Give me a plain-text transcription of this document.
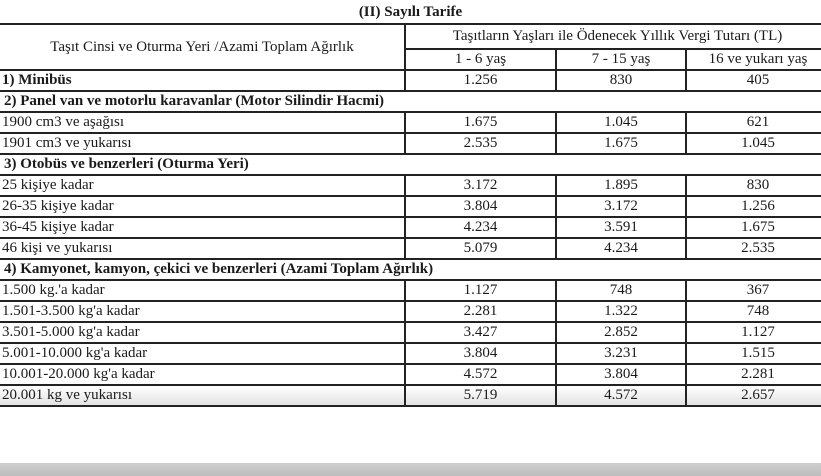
(II) Sayılı Tarife
Taşıt Cinsi ve Oturma Yeri /Azami Toplam Ağırlık	Taşıtların Yaşları ile Ödenecek Yıllık Vergi Tutarı (TL)		
	1 - 6 yaş	7 - 15 yaş	16 ve yukarı yaş
1) Minibüs	1.256	830	405
2) Panel van ve motorlu karavanlar (Motor Silindir Hacmi)			
1900 cm3 ve aşağısı	1.675	1.045	621
1901 cm3 ve yukarısı	2.535	1.675	1.045
3) Otobüs ve benzerleri (Oturma Yeri)			
25 kişiye kadar	3.172	1.895	830
26-35 kişiye kadar	3.804	3.172	1.256
36-45 kişiye kadar	4.234	3.591	1.675
46 kişi ve yukarısı	5.079	4.234	2.535
4) Kamyonet, kamyon, çekici ve benzerleri (Azami Toplam Ağırlık)			
1.500 kg.'a kadar	1.127	748	367
1.501-3.500 kg'a kadar	2.281	1.322	748
3.501-5.000 kg'a kadar	3.427	2.852	1.127
5.001-10.000 kg'a kadar	3.804	3.231	1.515
10.001-20.000 kg'a kadar	4.572	3.804	2.281
20.001 kg ve yukarısı	5.719	4.572	2.657
